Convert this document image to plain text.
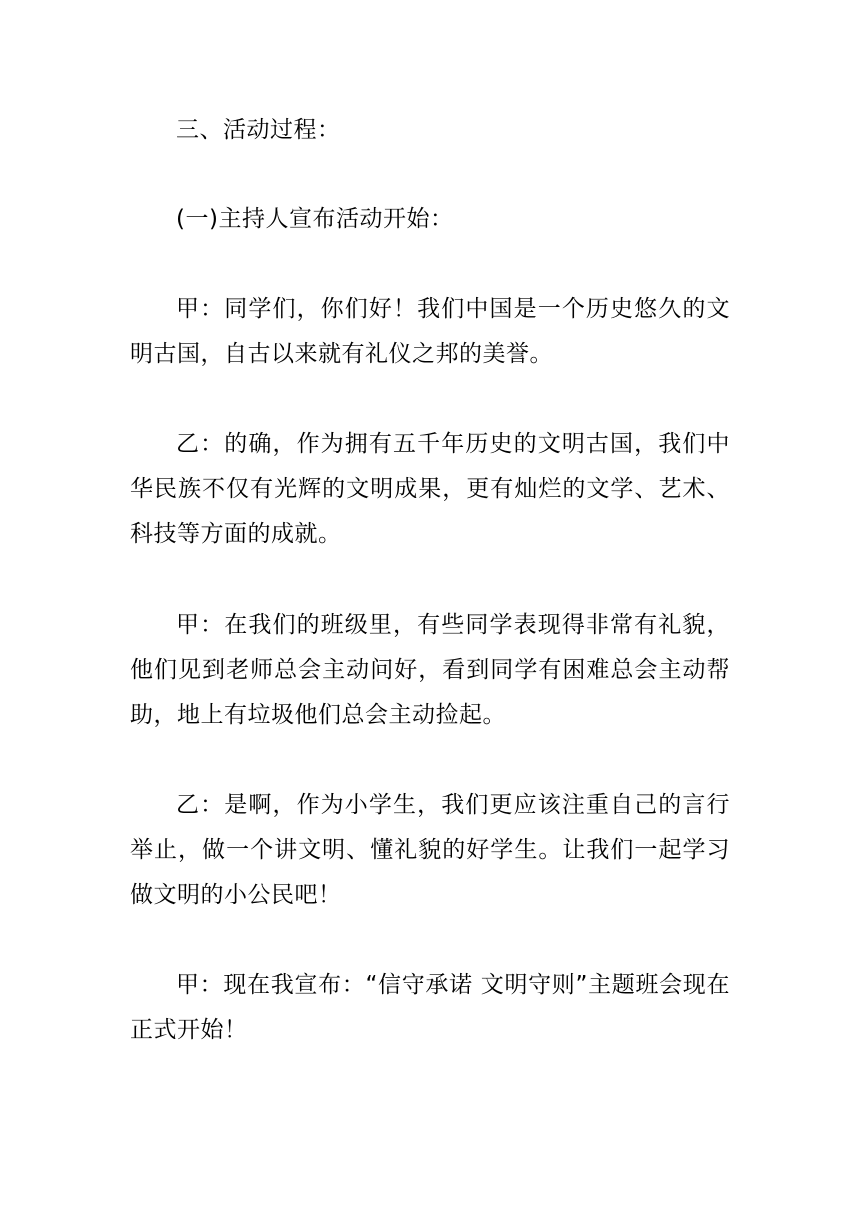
三、活动过程：

(一)主持人宣布活动开始：

甲：同学们，你们好！我们中国是一个历史悠久的文明古国，自古以来就有礼仪之邦的美誉。

乙：的确，作为拥有五千年历史的文明古国，我们中华民族不仅有光辉的文明成果，更有灿烂的文学、艺术、科技等方面的成就。

甲：在我们的班级里，有些同学表现得非常有礼貌，他们见到老师总会主动问好，看到同学有困难总会主动帮助，地上有垃圾他们总会主动捡起。

乙：是啊，作为小学生，我们更应该注重自己的言行举止，做一个讲文明、懂礼貌的好学生。让我们一起学习做文明的小公民吧！

甲：现在我宣布：“信守承诺 文明守则”主题班会现在正式开始！
